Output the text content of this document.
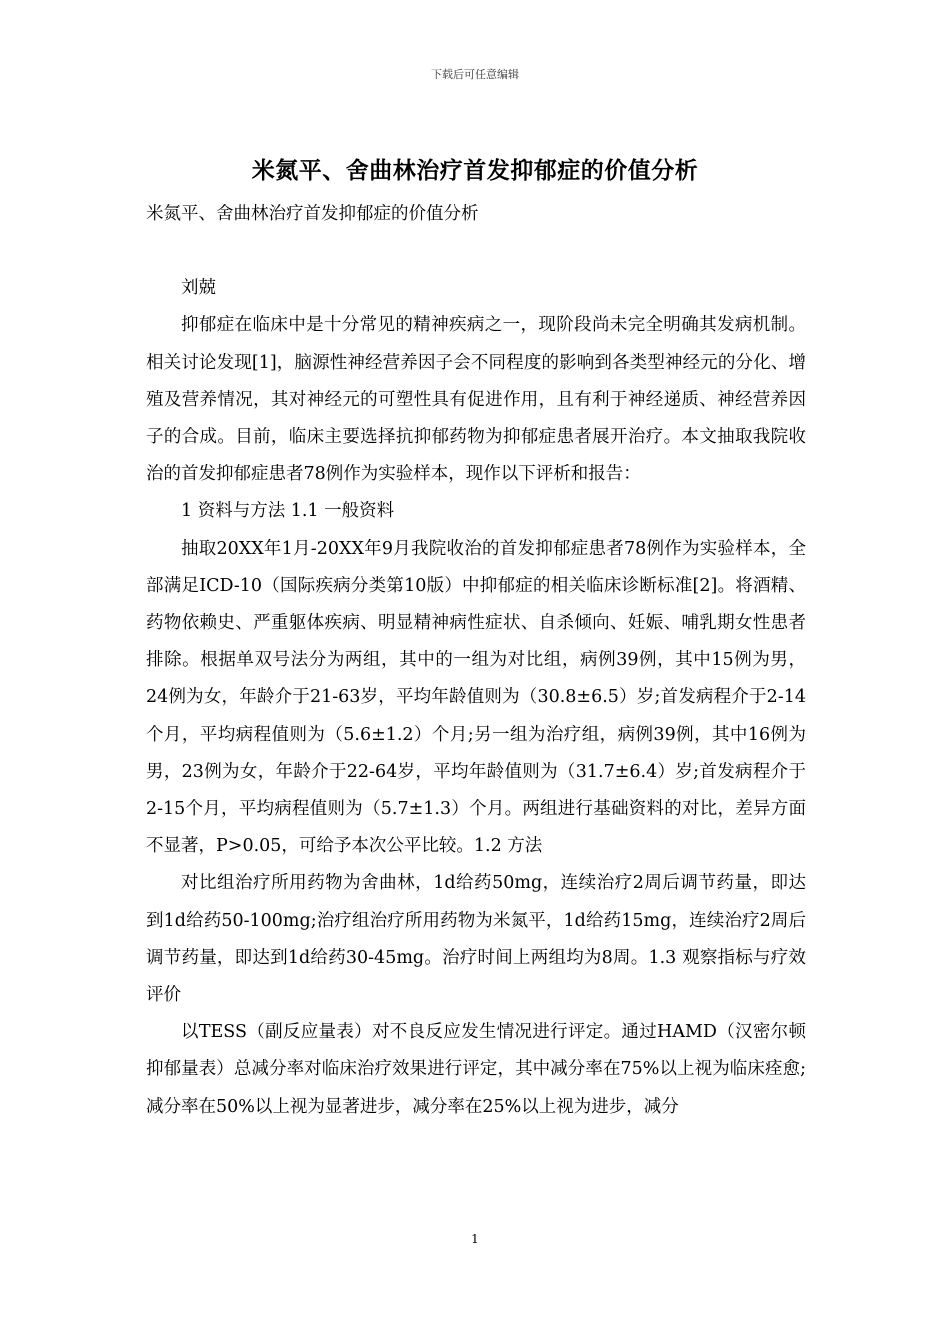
下载后可任意编辑
米氮平、舍曲林治疗首发抑郁症的价值分析

米氮平、舍曲林治疗首发抑郁症的价值分析

刘兢

抑郁症在临床中是十分常见的精神疾病之一，现阶段尚未完全明确其发病机制。相关讨论发现[1]，脑源性神经营养因子会不同程度的影响到各类型神经元的分化、增殖及营养情况，其对神经元的可塑性具有促进作用，且有利于神经递质、神经营养因子的合成。目前，临床主要选择抗抑郁药物为抑郁症患者展开治疗。本文抽取我院收治的首发抑郁症患者78例作为实验样本，现作以下评析和报告：

1 资料与方法 1.1 一般资料

抽取20XX年1月-20XX年9月我院收治的首发抑郁症患者78例作为实验样本，全部满足ICD-10（国际疾病分类第10版）中抑郁症的相关临床诊断标准[2]。将酒精、药物依赖史、严重躯体疾病、明显精神病性症状、自杀倾向、妊娠、哺乳期女性患者排除。根据单双号法分为两组，其中的一组为对比组，病例39例，其中15例为男，24例为女，年龄介于21-63岁，平均年龄值则为（30.8±6.5）岁;首发病程介于2-14个月，平均病程值则为（5.6±1.2）个月;另一组为治疗组，病例39例，其中16例为男，23例为女，年龄介于22-64岁，平均年龄值则为（31.7±6.4）岁;首发病程介于2-15个月，平均病程值则为（5.7±1.3）个月。两组进行基础资料的对比，差异方面不显著，P>0.05，可给予本次公平比较。1.2 方法

对比组治疗所用药物为舍曲林，1d给药50mg，连续治疗2周后调节药量，即达到1d给药50-100mg;治疗组治疗所用药物为米氮平，1d给药15mg，连续治疗2周后调节药量，即达到1d给药30-45mg。治疗时间上两组均为8周。1.3 观察指标与疗效评价

以TESS（副反应量表）对不良反应发生情况进行评定。通过HAMD（汉密尔顿抑郁量表）总减分率对临床治疗效果进行评定，其中减分率在75%以上视为临床痊愈;减分率在50%以上视为显著进步，减分率在25%以上视为进步，减分

1
